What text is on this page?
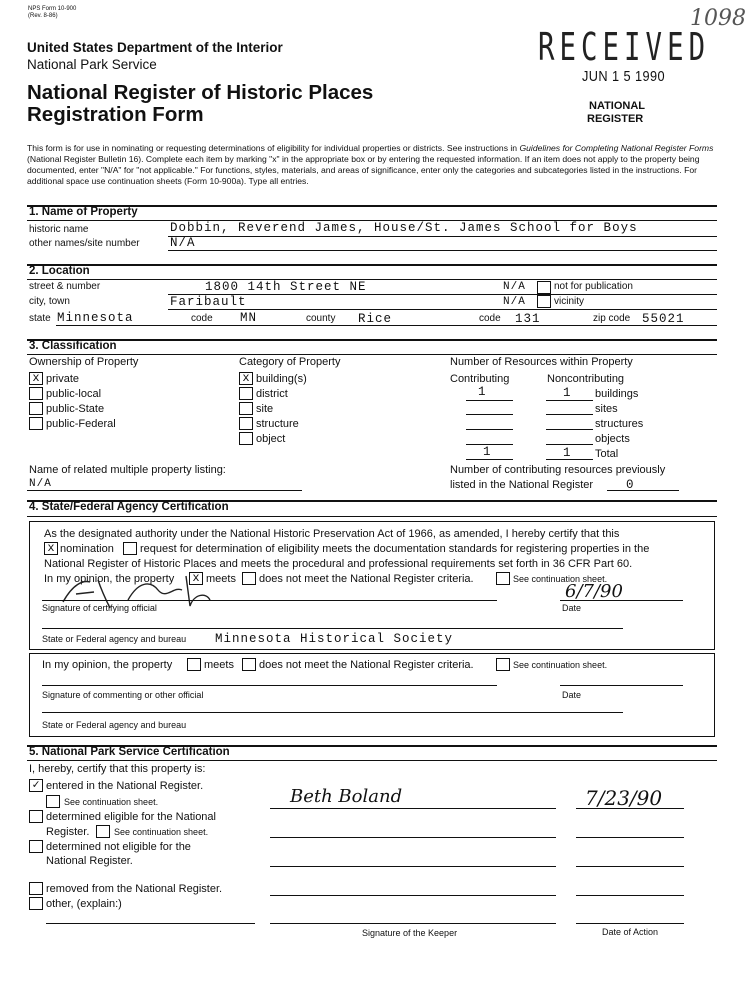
NPS Form 10-900
(Rev. 8-86)
RECEIVED
JUN 1 5 1990
1098
NATIONAL
REGISTER
United States Department of the Interior
National Park Service
National Register of Historic Places
Registration Form
This form is for use in nominating or requesting determinations of eligibility for individual properties or districts. See instructions in Guidelines for Completing National Register Forms (National Register Bulletin 16). Complete each item by marking "x" in the appropriate box or by entering the requested information. If an item does not apply to the property being documented, enter "N/A" for "not applicable." For functions, styles, materials, and areas of significance, enter only the categories and subcategories listed in the instructions. For additional space use continuation sheets (Form 10-900a). Type all entries.
1. Name of Property
historic name	Dobbin, Reverend James, House/St. James School for Boys
other names/site number N/A
2. Location
street & number	1800 14th Street NE	N/A	not for publication
city, town	Faribault	N/A	vicinity
state Minnesota	code MN	county Rice	code 131	zip code 55021
3. Classification
Ownership of Property	Category of Property	Number of Resources within Property
Contributing	Noncontributing
x private
public-local
public-State
public-Federal
x building(s)
district
site
structure
object
1	1 buildings
sites
structures
objects
1	1 Total
Name of related multiple property listing:
N/A
Number of contributing resources previously
listed in the National Register	0
4. State/Federal Agency Certification
As the designated authority under the National Historic Preservation Act of 1966, as amended, I hereby certify that this
x nomination request for determination of eligibility meets the documentation standards for registering properties in the
National Register of Historic Places and meets the procedural and professional requirements set forth in 36 CFR Part 60.
In my opinion, the property x meets does not meet the National Register criteria.	See continuation sheet.
Signature of certifying official
6/7/90
Date
State or Federal agency and bureau Minnesota Historical Society
In my opinion, the property	meets does not meet the National Register criteria.	See continuation sheet.
Signature of commenting or other official	Date
State or Federal agency and bureau
5. National Park Service Certification
I, hereby, certify that this property is:
✓ entered in the National Register.
See continuation sheet.
determined eligible for the National
Register.	See continuation sheet.
determined not eligible for the
National Register.
removed from the National Register.
other, (explain:)
Beth Boland	7/23/90
Signature of the Keeper	Date of Action
